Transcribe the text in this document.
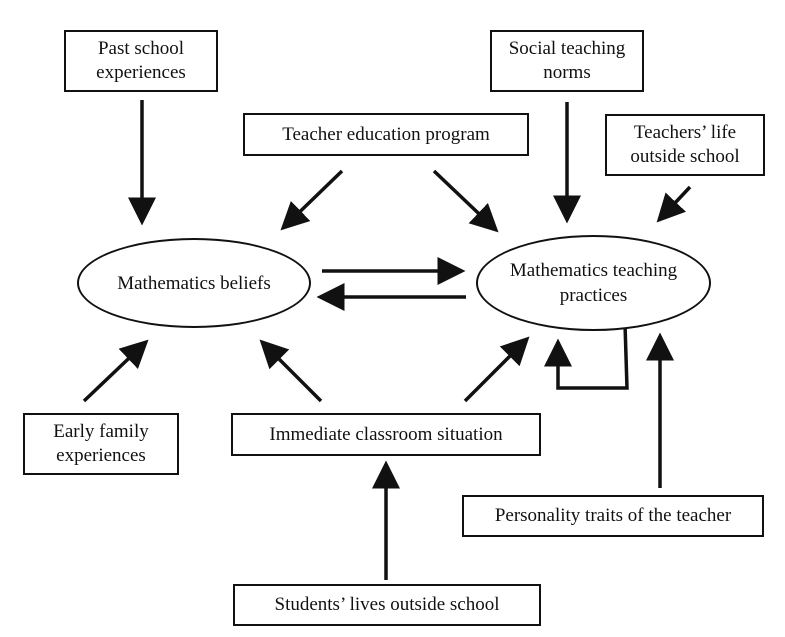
Past school
experiences
Social teaching
norms
Teacher education program	Teachers’ life
outside school
Mathematics beliefs
Mathematics teaching
practices
Early family
experiences
Immediate classroom situation
Personality traits of the teacher
Students’ lives outside school
